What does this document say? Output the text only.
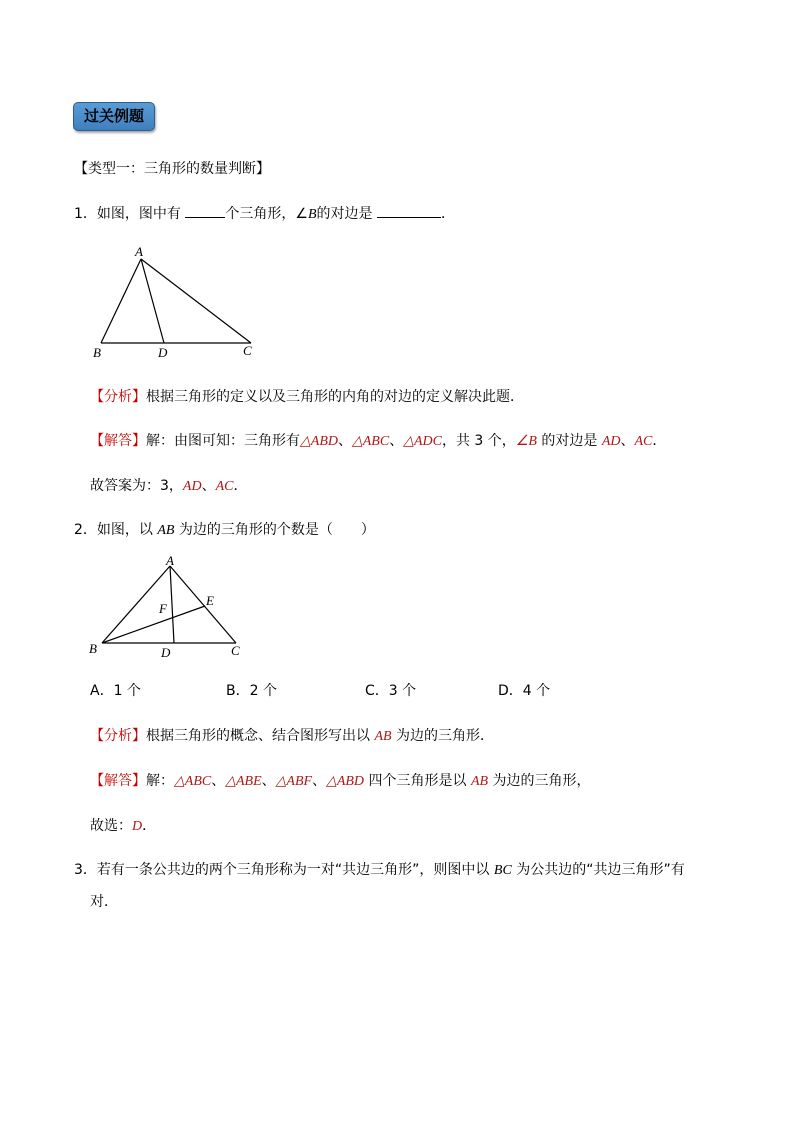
过关例题
【类型一：三角形的数量判断】
1．如图，图中有	个三角形，∠B的对边是	．
A
B	D	C
【分析】根据三角形的定义以及三角形的内角的对边的定义解决此题．
【解答】解：由图可知：三角形有△ABD、△ABC、△ADC，共 3 个，∠B 的对边是 AD、AC．
故答案为：3，AD、AC．
2．如图，以 AB 为边的三角形的个数是（　　）
A
B	D	C
E
F
A．1 个	B．2 个	C．3 个	D．4 个
【分析】根据三角形的概念、结合图形写出以 AB 为边的三角形．
【解答】解：△ABC、△ABE、△ABF、△ABD 四个三角形是以 AB 为边的三角形，
故选：D．
3．若有一条公共边的两个三角形称为一对“共边三角形”，则图中以 BC 为公共边的“共边三角形”有
对．
